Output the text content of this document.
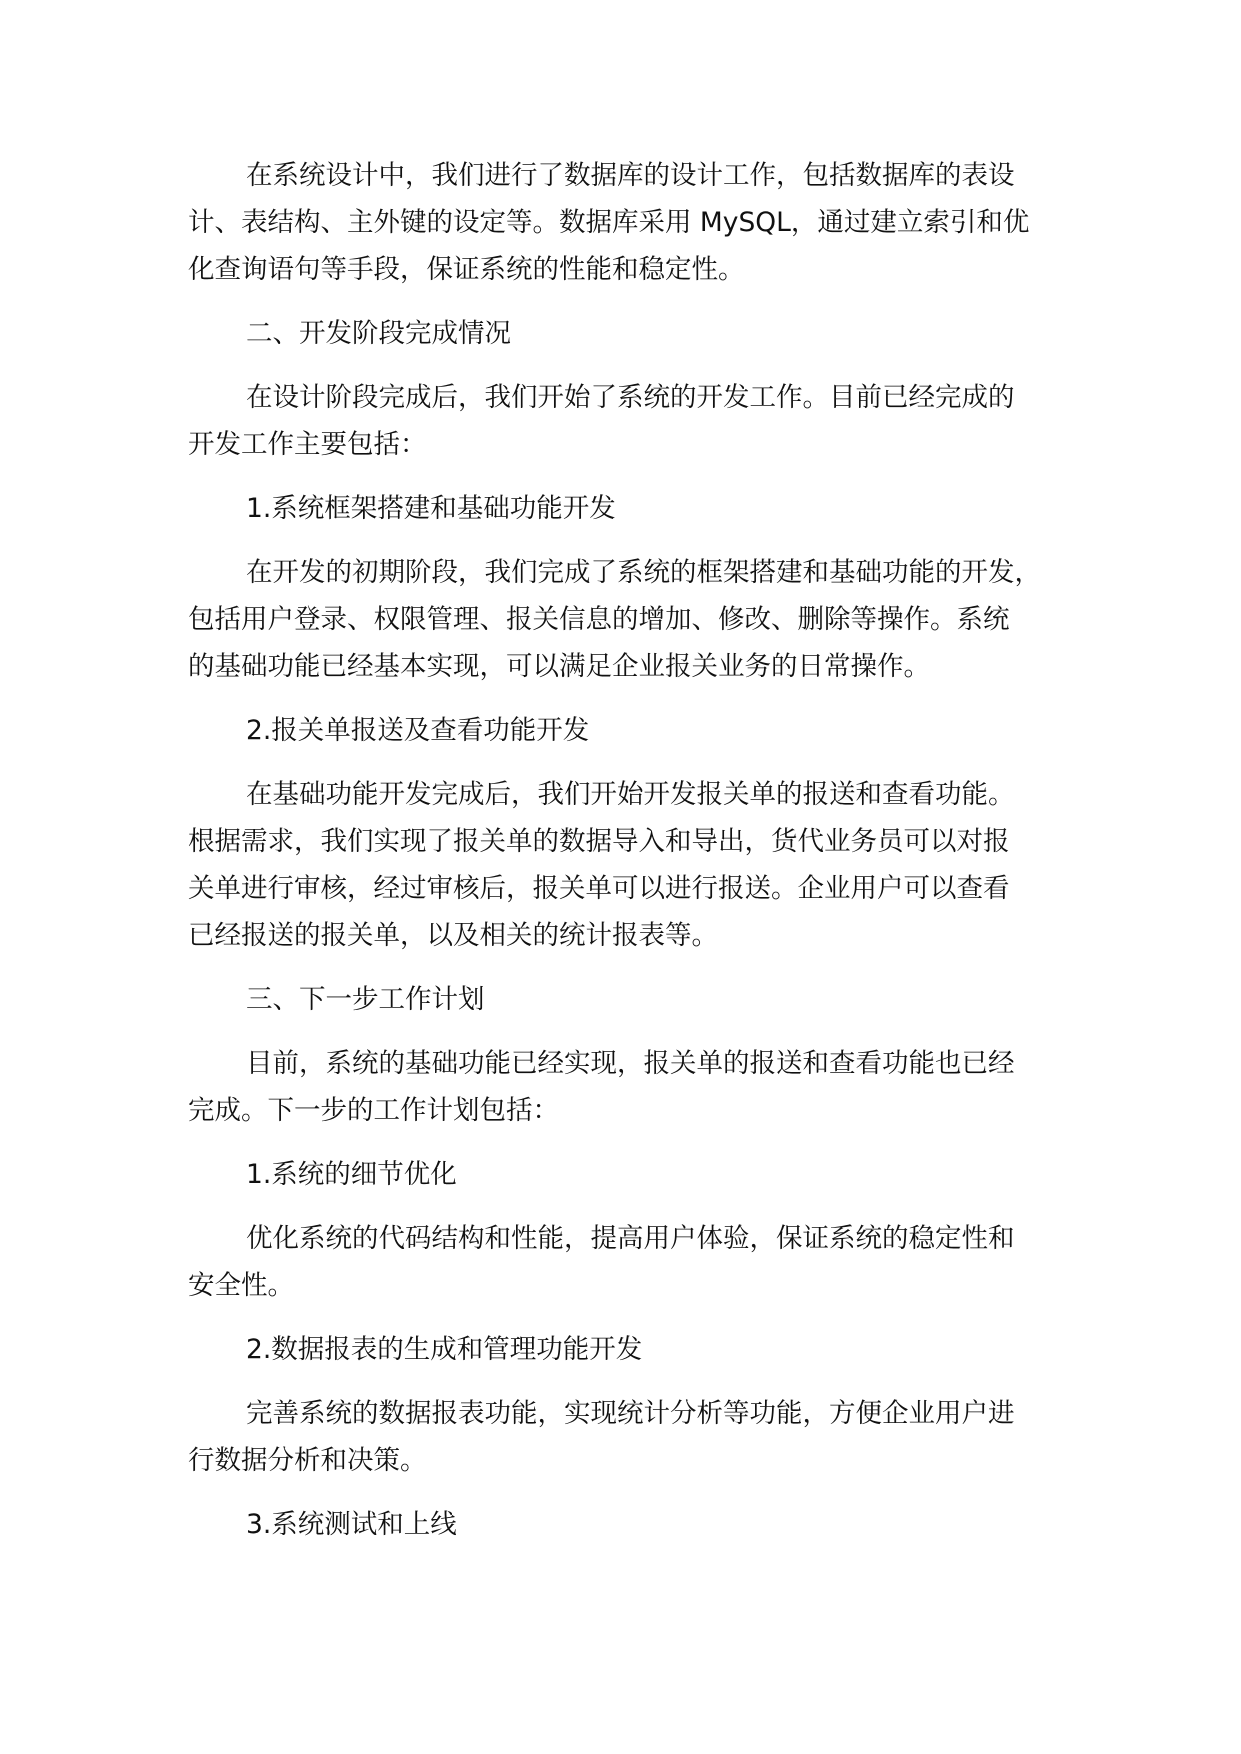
在系统设计中，我们进行了数据库的设计工作，包括数据库的表设
计、表结构、主外键的设定等。数据库采用 MySQL，通过建立索引和优
化查询语句等手段，保证系统的性能和稳定性。
二、开发阶段完成情况
在设计阶段完成后，我们开始了系统的开发工作。目前已经完成的
开发工作主要包括：
1.系统框架搭建和基础功能开发
在开发的初期阶段，我们完成了系统的框架搭建和基础功能的开发，
包括用户登录、权限管理、报关信息的增加、修改、删除等操作。系统
的基础功能已经基本实现，可以满足企业报关业务的日常操作。
2.报关单报送及查看功能开发
在基础功能开发完成后，我们开始开发报关单的报送和查看功能。
根据需求，我们实现了报关单的数据导入和导出，货代业务员可以对报
关单进行审核，经过审核后，报关单可以进行报送。企业用户可以查看
已经报送的报关单，以及相关的统计报表等。
三、下一步工作计划
目前，系统的基础功能已经实现，报关单的报送和查看功能也已经
完成。下一步的工作计划包括：
1.系统的细节优化
优化系统的代码结构和性能，提高用户体验，保证系统的稳定性和
安全性。
2.数据报表的生成和管理功能开发
完善系统的数据报表功能，实现统计分析等功能，方便企业用户进
行数据分析和决策。
3.系统测试和上线
